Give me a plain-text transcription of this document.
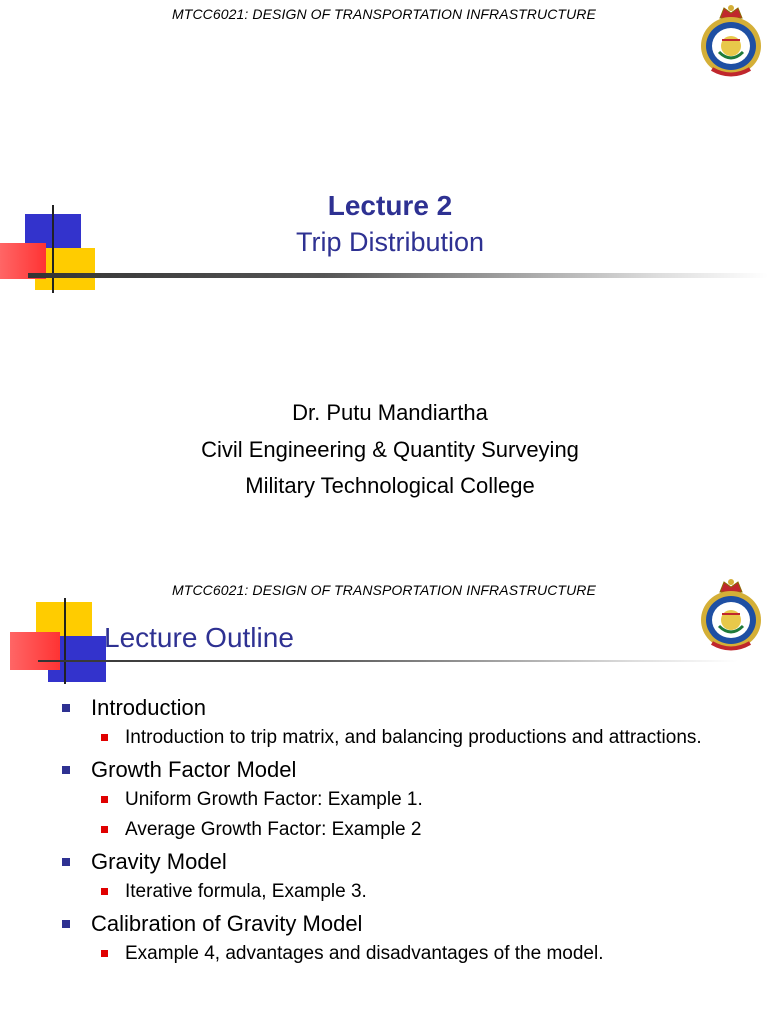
MTCC6021: DESIGN OF TRANSPORTATION INFRASTRUCTURE
Lecture 2
Trip Distribution
Dr. Putu Mandiartha
Civil Engineering & Quantity Surveying
Military Technological College
MTCC6021: DESIGN OF TRANSPORTATION INFRASTRUCTURE
Lecture Outline
Introduction
Introduction to trip matrix, and balancing productions and attractions.
Growth Factor Model
Uniform Growth Factor: Example 1.
Average Growth Factor: Example 2
Gravity Model
Iterative formula, Example 3.
Calibration of Gravity Model
Example 4, advantages and disadvantages of the model.
